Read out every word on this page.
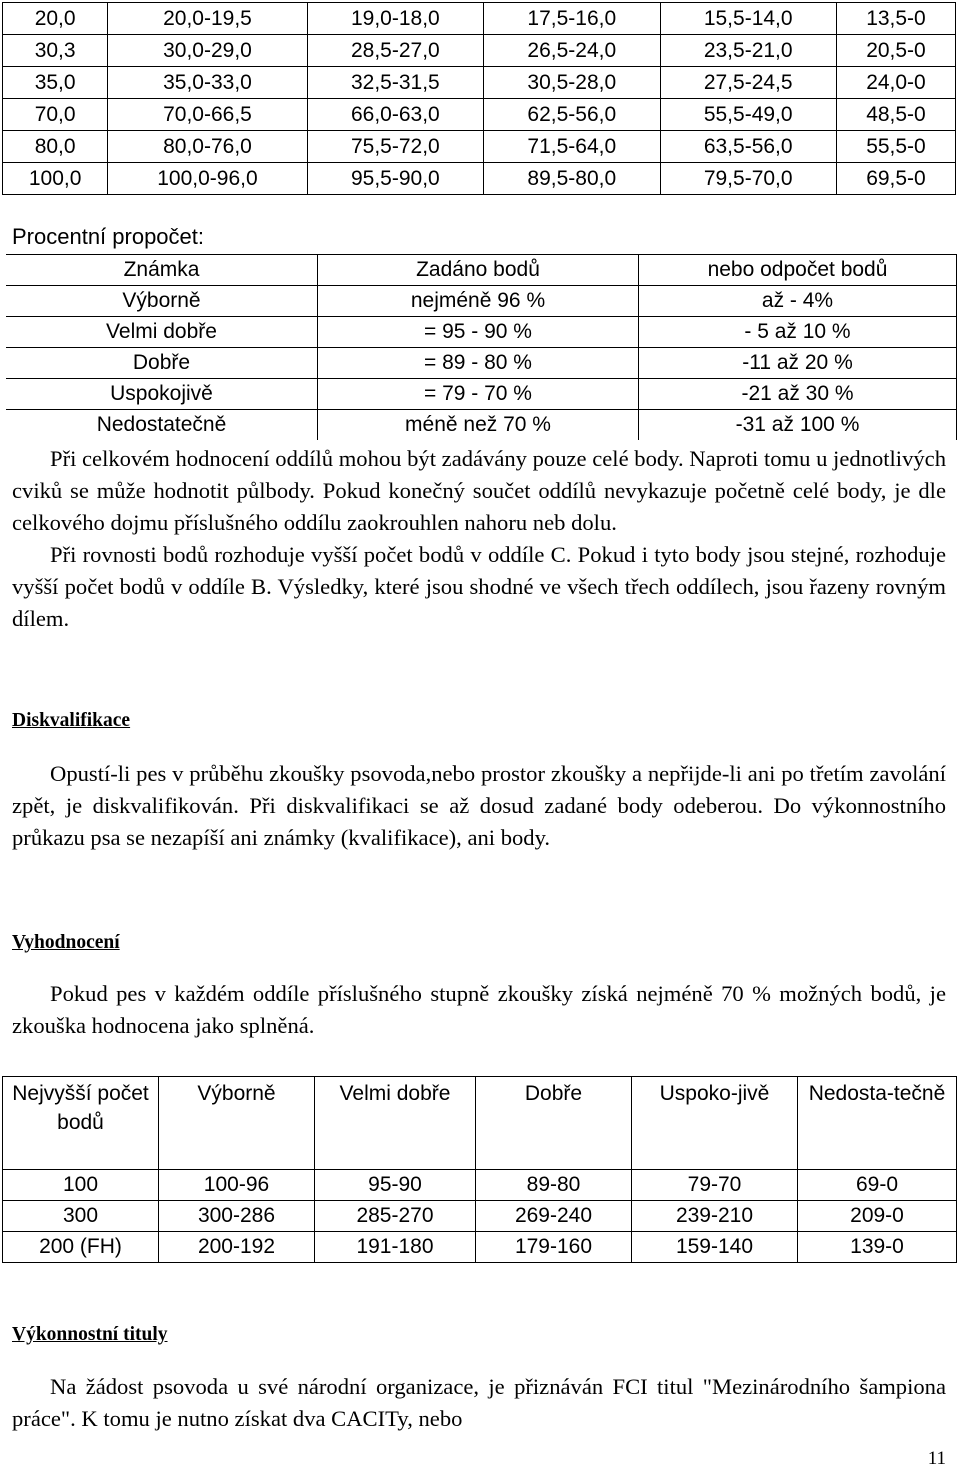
20,0	20,0-19,5	19,0-18,0	17,5-16,0	15,5-14,0	13,5-0
30,3	30,0-29,0	28,5-27,0	26,5-24,0	23,5-21,0	20,5-0
35,0	35,0-33,0	32,5-31,5	30,5-28,0	27,5-24,5	24,0-0
70,0	70,0-66,5	66,0-63,0	62,5-56,0	55,5-49,0	48,5-0
80,0	80,0-76,0	75,5-72,0	71,5-64,0	63,5-56,0	55,5-0
100,0	100,0-96,0	95,5-90,0	89,5-80,0	79,5-70,0	69,5-0
Procentní propočet:
Známka	Zadáno bodů	nebo odpočet bodů
Výborně	nejméně 96 %	až - 4%
Velmi dobře	= 95 - 90 %	- 5 až 10 %
Dobře	= 89 - 80 %	-11 až 20 %
Uspokojivě	= 79 - 70 %	-21 až 30 %
Nedostatečně	méně než 70 %	-31 až 100 %

Při celkovém hodnocení oddílů mohou být zadávány pouze celé body. Naproti tomu u jednotlivých cviků se může hodnotit půlbody. Pokud konečný součet oddílů nevykazuje početně celé body, je dle celkového dojmu příslušného oddílu zaokrouhlen nahoru neb dolu.

Při rovnosti bodů rozhoduje vyšší počet bodů v oddíle C. Pokud i tyto body jsou stejné, rozhoduje vyšší počet bodů v oddíle B. Výsledky, které jsou shodné ve všech třech oddílech, jsou řazeny rovným dílem.

Diskvalifikace

Opustí-li pes v průběhu zkoušky psovoda,nebo prostor zkoušky a nepřijde-li ani po třetím zavolání zpět, je diskvalifikován. Při diskvalifikaci se až dosud zadané body odeberou. Do výkonnostního průkazu psa se nezapíší ani známky (kvalifikace), ani body.

Vyhodnocení

Pokud pes v každém oddíle příslušného stupně zkoušky získá nejméně 70 % možných bodů, je zkouška hodnocena jako splněná.

Nejvyšší počet bodů	Výborně	Velmi dobře	Dobře	Uspoko-jivě	Nedosta-tečně
100	100-96	95-90	89-80	79-70	69-0
300	300-286	285-270	269-240	239-210	209-0
200 (FH)	200-192	191-180	179-160	159-140	139-0
Výkonnostní tituly

Na žádost psovoda u své národní organizace, je přiznáván FCI titul "Mezinárodního šampiona práce". K tomu je nutno získat dva CACITy, nebo

11
